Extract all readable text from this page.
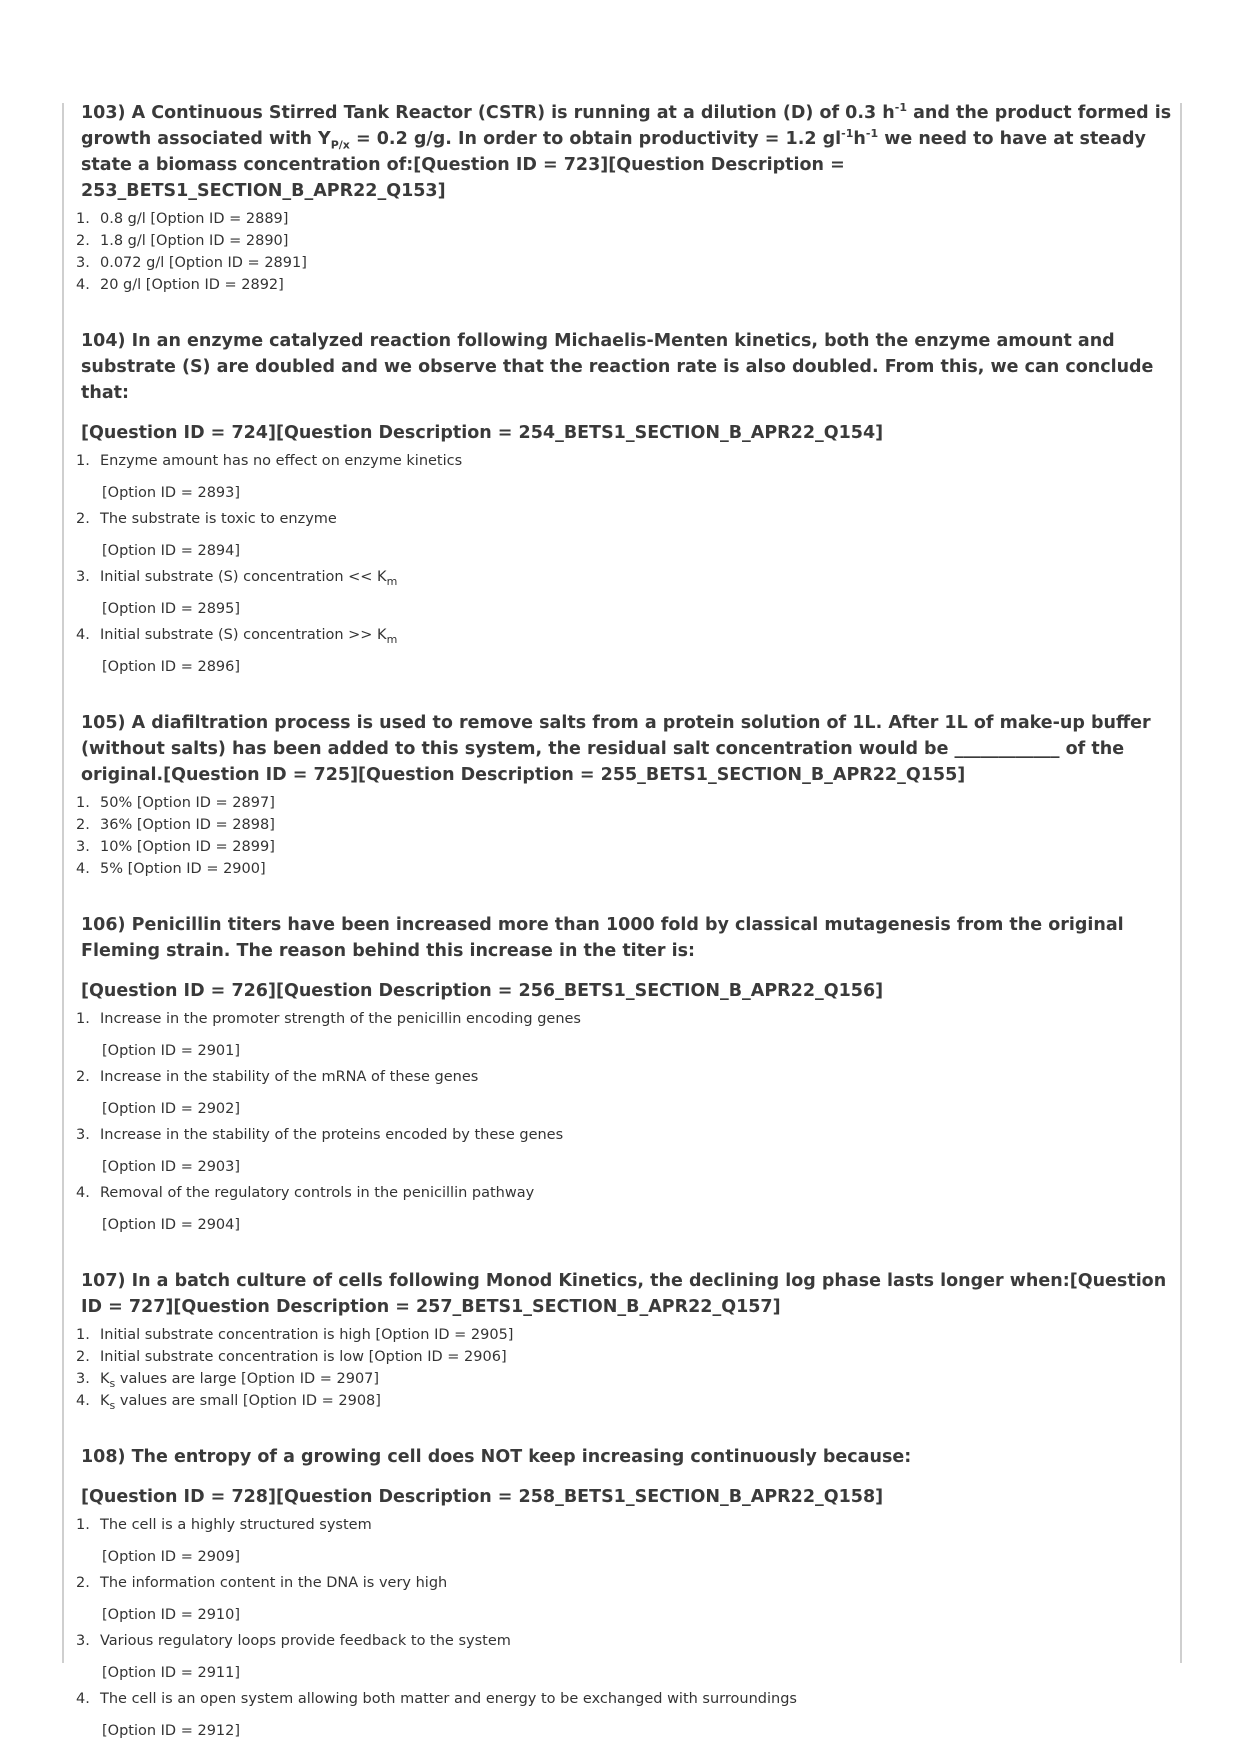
103) A Continuous Stirred Tank Reactor (CSTR) is running at a dilution (D) of 0.3 $h^{-1}$ and the product formed is growth associated with $Y_{P/x} = 0.2$ g/g. In order to obtain productivity = 1.2 $gl^{-1}h^{-1}$ we need to have at steady state a biomass concentration of:[Question ID = 723][Question Description = 253_BETS1_SECTION_B_APR22_Q153]

1. 0.8 g/l [Option ID = 2889]
2. 1.8 g/l [Option ID = 2890]
3. 0.072 g/l [Option ID = 2891]
4. 20 g/l [Option ID = 2892]

104) In an enzyme catalyzed reaction following Michaelis-Menten kinetics, both the enzyme amount and substrate (S) are doubled and we observe that the reaction rate is also doubled. From this, we can conclude that:

[Question ID = 724][Question Description = 254_BETS1_SECTION_B_APR22_Q154]

1. Enzyme amount has no effect on enzyme kinetics
[Option ID = 2893]
2. The substrate is toxic to enzyme
[Option ID = 2894]
3. Initial substrate (S) concentration << $K_m$
[Option ID = 2895]
4. Initial substrate (S) concentration >> $K_m$
[Option ID = 2896]

105) A diafiltration process is used to remove salts from a protein solution of 1L. After 1L of make-up buffer (without salts) has been added to this system, the residual salt concentration would be ____________ of the original.[Question ID = 725][Question Description = 255_BETS1_SECTION_B_APR22_Q155]

1. 50% [Option ID = 2897]
2. 36% [Option ID = 2898]
3. 10% [Option ID = 2899]
4. 5% [Option ID = 2900]

106) Penicillin titers have been increased more than 1000 fold by classical mutagenesis from the original Fleming strain. The reason behind this increase in the titer is:

[Question ID = 726][Question Description = 256_BETS1_SECTION_B_APR22_Q156]

1. Increase in the promoter strength of the penicillin encoding genes
[Option ID = 2901]
2. Increase in the stability of the mRNA of these genes
[Option ID = 2902]
3. Increase in the stability of the proteins encoded by these genes
[Option ID = 2903]
4. Removal of the regulatory controls in the penicillin pathway
[Option ID = 2904]

107) In a batch culture of cells following Monod Kinetics, the declining log phase lasts longer when:[Question ID = 727][Question Description = 257_BETS1_SECTION_B_APR22_Q157]

1. Initial substrate concentration is high [Option ID = 2905]
2. Initial substrate concentration is low [Option ID = 2906]
3. $K_s$ values are large [Option ID = 2907]
4. $K_s$ values are small [Option ID = 2908]

108) The entropy of a growing cell does NOT keep increasing continuously because:

[Question ID = 728][Question Description = 258_BETS1_SECTION_B_APR22_Q158]

1. The cell is a highly structured system
[Option ID = 2909]
2. The information content in the DNA is very high
[Option ID = 2910]
3. Various regulatory loops provide feedback to the system
[Option ID = 2911]
4. The cell is an open system allowing both matter and energy to be exchanged with surroundings
[Option ID = 2912]
